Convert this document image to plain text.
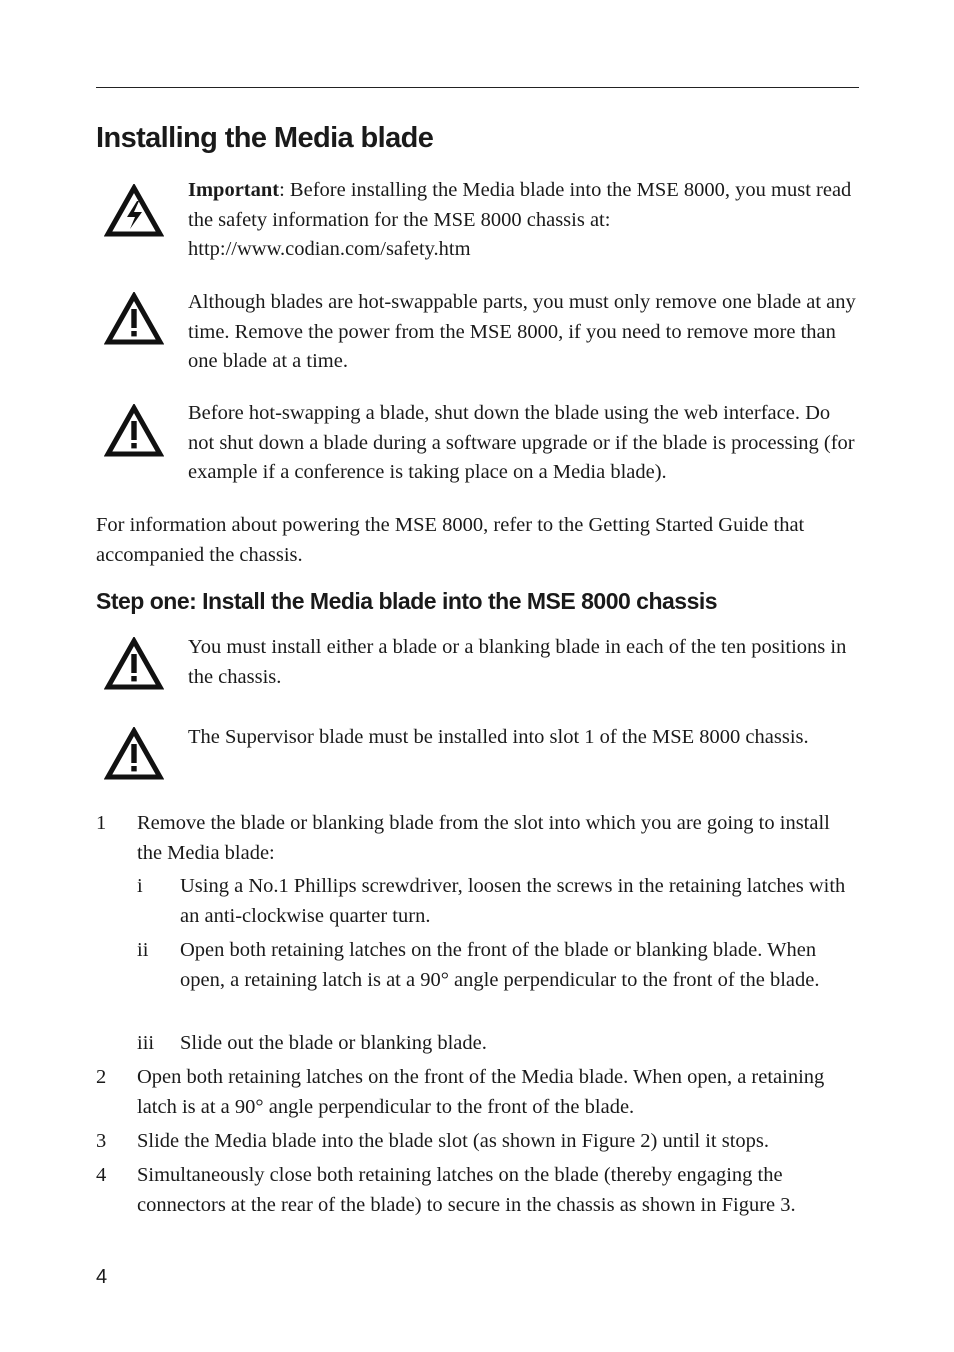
Installing the Media blade

Important: Before installing the Media blade into the MSE 8000, you must read the safety information for the MSE 8000 chassis at: http://www.codian.com/safety.htm

Although blades are hot-swappable parts, you must only remove one blade at any time. Remove the power from the MSE 8000, if you need to remove more than one blade at a time.

Before hot-swapping a blade, shut down the blade using the web interface. Do not shut down a blade during a software upgrade or if the blade is processing (for example if a conference is taking place on a Media blade).

For information about powering the MSE 8000, refer to the Getting Started Guide that accompanied the chassis.

Step one: Install the Media blade into the MSE 8000 chassis

You must install either a blade or a blanking blade in each of the ten positions in the chassis.

The Supervisor blade must be installed into slot 1 of the MSE 8000 chassis.

1 Remove the blade or blanking blade from the slot into which you are going to install the Media blade:

i Using a No.1 Phillips screwdriver, loosen the screws in the retaining latches with an anti-clockwise quarter turn.

ii Open both retaining latches on the front of the blade or blanking blade. When open, a retaining latch is at a 90° angle perpendicular to the front of the blade.

iii Slide out the blade or blanking blade.

2 Open both retaining latches on the front of the Media blade. When open, a retaining latch is at a 90° angle perpendicular to the front of the blade.

3 Slide the Media blade into the blade slot (as shown in Figure 2) until it stops.

4 Simultaneously close both retaining latches on the blade (thereby engaging the connectors at the rear of the blade) to secure in the chassis as shown in Figure 3.

4
